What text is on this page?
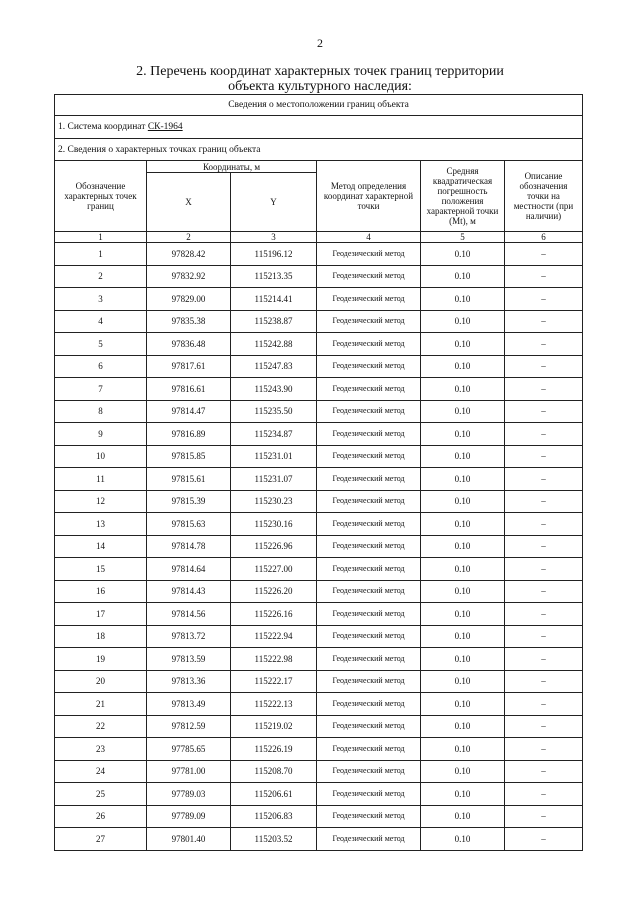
2
2. Перечень координат характерных точек границ территории
объекта культурного наследия:
Сведения о местоположении границ объекта					
1. Система координат СК-1964					
2. Сведения о характерных точках границ объекта					
Обозначение характерных точек границ	Координаты, м		Метод определения координат характерной точки	Средняя квадратическая погрешность положения характерной точки (Мt), м	Описание обозначения точки на местности (при наличии)
	X	Y			
1	2	3	4	5	6
1	97828.42	115196.12	Геодезический метод	0.10	–
2	97832.92	115213.35	Геодезический метод	0.10	–
3	97829.00	115214.41	Геодезический метод	0.10	–
4	97835.38	115238.87	Геодезический метод	0.10	–
5	97836.48	115242.88	Геодезический метод	0.10	–
6	97817.61	115247.83	Геодезический метод	0.10	–
7	97816.61	115243.90	Геодезический метод	0.10	–
8	97814.47	115235.50	Геодезический метод	0.10	–
9	97816.89	115234.87	Геодезический метод	0.10	–
10	97815.85	115231.01	Геодезический метод	0.10	–
11	97815.61	115231.07	Геодезический метод	0.10	–
12	97815.39	115230.23	Геодезический метод	0.10	–
13	97815.63	115230.16	Геодезический метод	0.10	–
14	97814.78	115226.96	Геодезический метод	0.10	–
15	97814.64	115227.00	Геодезический метод	0.10	–
16	97814.43	115226.20	Геодезический метод	0.10	–
17	97814.56	115226.16	Геодезический метод	0.10	–
18	97813.72	115222.94	Геодезический метод	0.10	–
19	97813.59	115222.98	Геодезический метод	0.10	–
20	97813.36	115222.17	Геодезический метод	0.10	–
21	97813.49	115222.13	Геодезический метод	0.10	–
22	97812.59	115219.02	Геодезический метод	0.10	–
23	97785.65	115226.19	Геодезический метод	0.10	–
24	97781.00	115208.70	Геодезический метод	0.10	–
25	97789.03	115206.61	Геодезический метод	0.10	–
26	97789.09	115206.83	Геодезический метод	0.10	–
27	97801.40	115203.52	Геодезический метод	0.10	–
